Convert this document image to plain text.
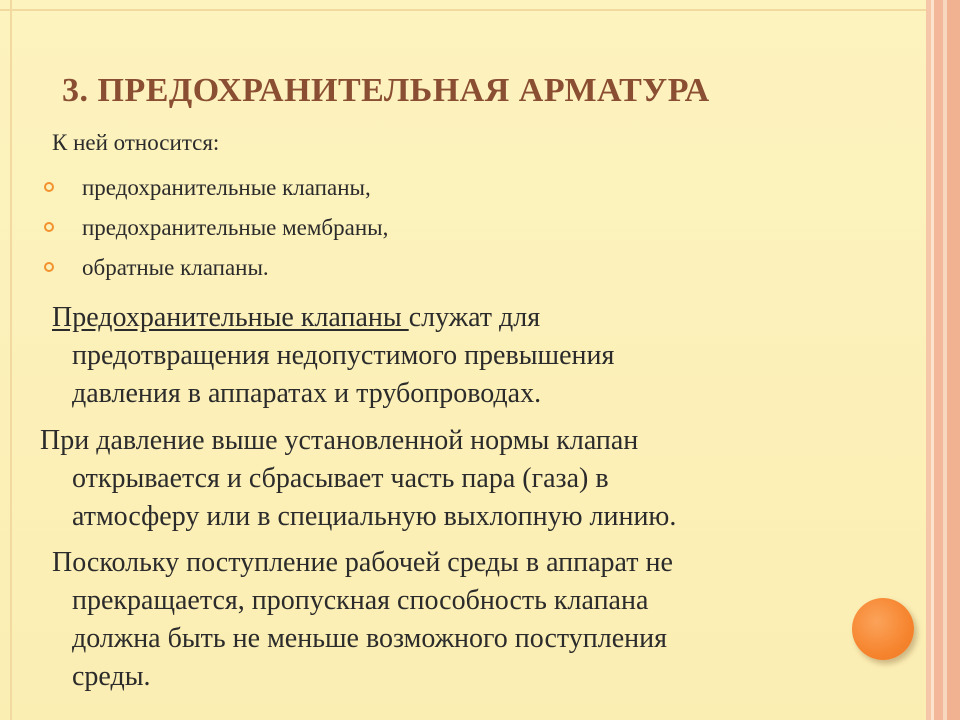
3. ПРЕДОХРАНИТЕЛЬНАЯ АРМАТУРА
К ней относится:
предохранительные клапаны,
предохранительные мембраны,
обратные клапаны.

Предохранительные клапаны служат для
предотвращения недопустимого превышения
давления в аппаратах и трубопроводах.

При давление выше установленной нормы клапан
открывается и сбрасывает часть пара (газа) в
атмосферу или в специальную выхлопную линию.

Поскольку поступление рабочей среды в аппарат не
прекращается, пропускная способность клапана
должна быть не меньше возможного поступления
среды.
